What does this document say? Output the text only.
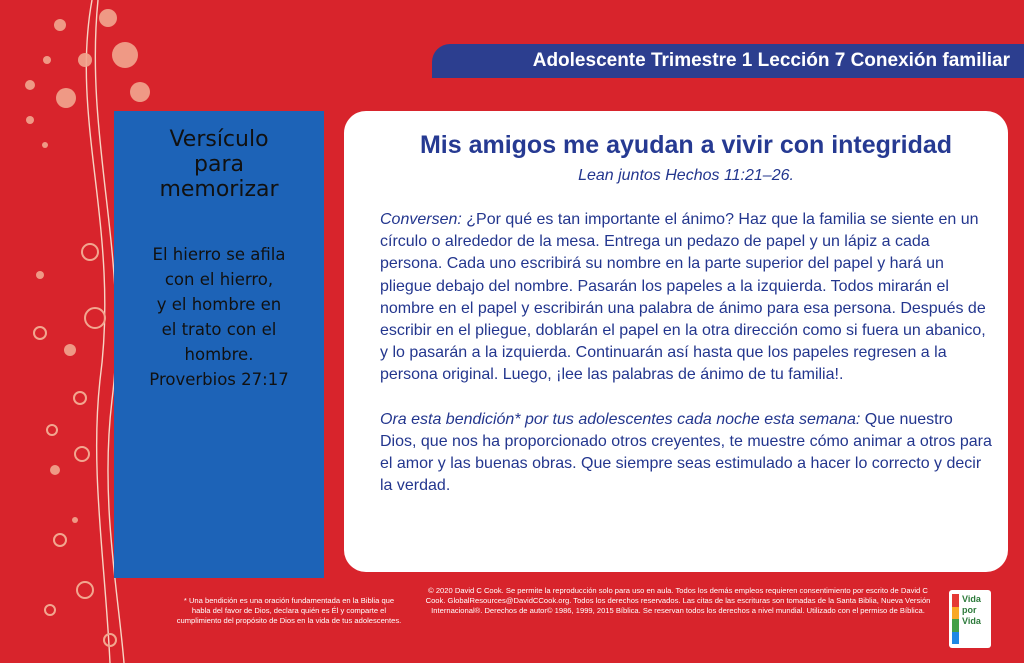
Adolescente Trimestre 1 Lección 7 Conexión familiar
Versículo
para
memorizar
El hierro se afila
con el hierro,
y el hombre en
el trato con el
hombre.
Proverbios 27:17
Mis amigos me ayudan a vivir con integridad
Lean juntos Hechos 11:21–26.

Conversen: ¿Por qué es tan importante el ánimo? Haz que la familia se siente en un círculo o alrededor de la mesa. Entrega un pedazo de papel y un lápiz a cada persona. Cada uno escribirá su nombre en la parte superior del papel y hará un pliegue debajo del nombre. Pasarán los papeles a la izquierda. Todos mirarán el nombre en el papel y escribirán una palabra de ánimo para esa persona. Después de escribir en el pliegue, doblarán el papel en la otra dirección como si fuera un abanico, y lo pasarán a la izquierda. Continuarán así hasta que los papeles regresen a la persona original. Luego, ¡lee las palabras de ánimo de tu familia!.

Ora esta bendición* por tus adolescentes cada noche esta semana: Que nuestro Dios, que nos ha proporcionado otros creyentes, te muestre cómo animar a otros para el amor y las buenas obras. Que siempre seas estimulado a hacer lo correcto y decir la verdad.

* Una bendición es una oración fundamentada en la Biblia que habla del favor de Dios, declara quién es Él y comparte el cumplimiento del propósito de Dios en la vida de tus adolescentes.
© 2020 David C Cook. Se permite la reproducción solo para uso en aula. Todos los demás empleos requieren consentimiento por escrito de David C Cook. GlobalResources@DavidCCook.org. Todos los derechos reservados. Las citas de las escrituras son tomadas de la Santa Biblia, Nueva Versión Internacional®. Derechos de autor© 1986, 1999, 2015 Bíblica. Se reservan todos los derechos a nivel mundial. Utilizado con el permiso de Bíblica.
Vida
por
Vida
